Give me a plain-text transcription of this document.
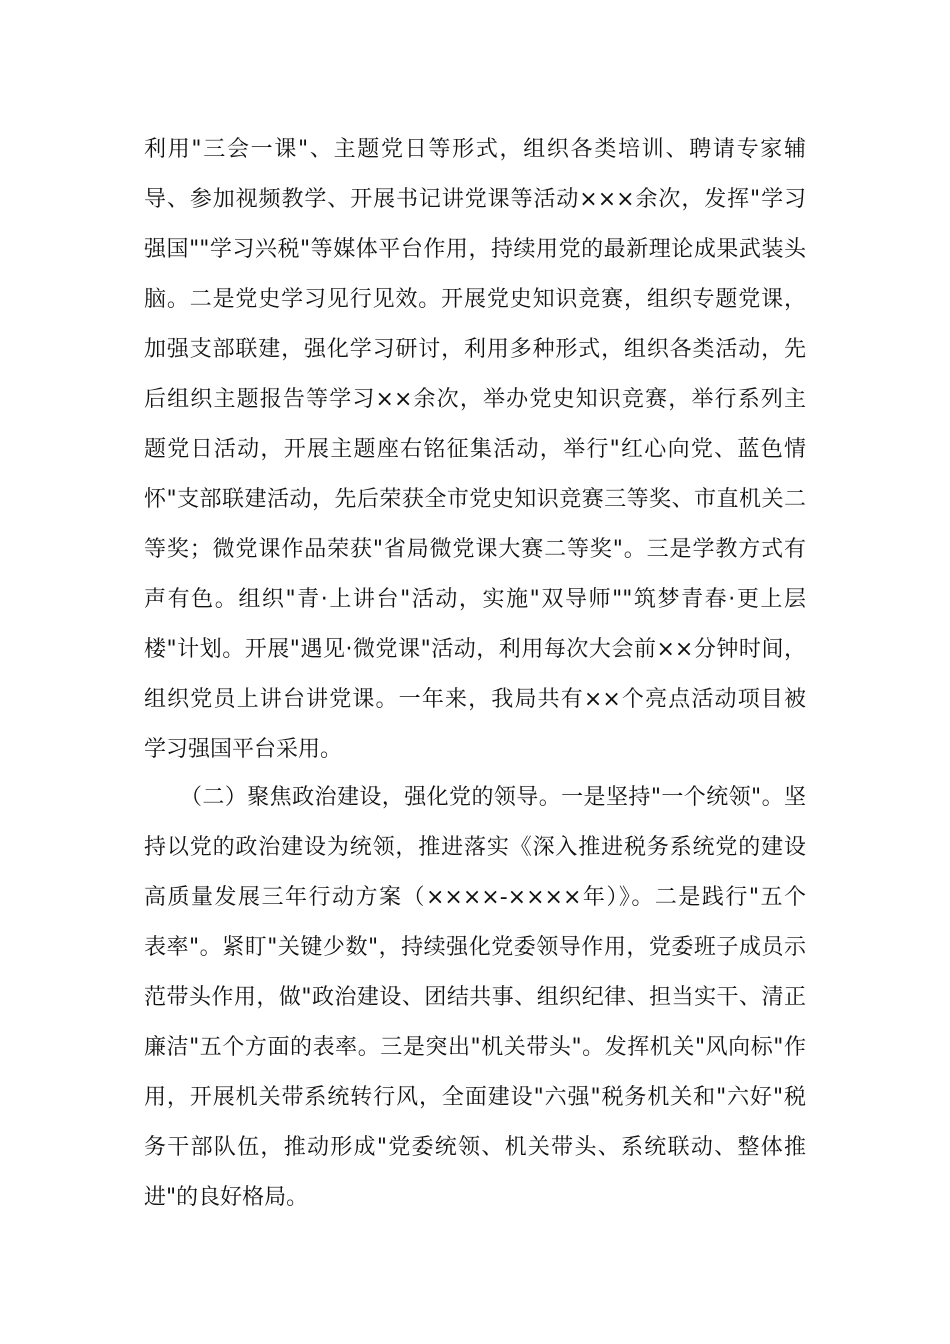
利用"三会一课"、主题党日等形式，组织各类培训、聘请专家辅
导、参加视频教学、开展书记讲党课等活动×××余次，发挥"学习
强国""学习兴税"等媒体平台作用，持续用党的最新理论成果武装头
脑。二是党史学习见行见效。开展党史知识竞赛，组织专题党课，
加强支部联建，强化学习研讨，利用多种形式，组织各类活动，先
后组织主题报告等学习××余次，举办党史知识竞赛，举行系列主
题党日活动，开展主题座右铭征集活动，举行"红心向党、蓝色情
怀"支部联建活动，先后荣获全市党史知识竞赛三等奖、市直机关二
等奖；微党课作品荣获"省局微党课大赛二等奖"。三是学教方式有
声有色。组织"青·上讲台"活动，实施"双导师""筑梦青春·更上层
楼"计划。开展"遇见·微党课"活动，利用每次大会前××分钟时间，
组织党员上讲台讲党课。一年来，我局共有××个亮点活动项目被
学习强国平台采用。
（二）聚焦政治建设，强化党的领导。一是坚持"一个统领"。坚
持以党的政治建设为统领，推进落实《深入推进税务系统党的建设
高质量发展三年行动方案（××××-××××年）》。二是践行"五个
表率"。紧盯"关键少数"，持续强化党委领导作用，党委班子成员示
范带头作用，做"政治建设、团结共事、组织纪律、担当实干、清正
廉洁"五个方面的表率。三是突出"机关带头"。发挥机关"风向标"作
用，开展机关带系统转行风，全面建设"六强"税务机关和"六好"税
务干部队伍，推动形成"党委统领、机关带头、系统联动、整体推
进"的良好格局。
